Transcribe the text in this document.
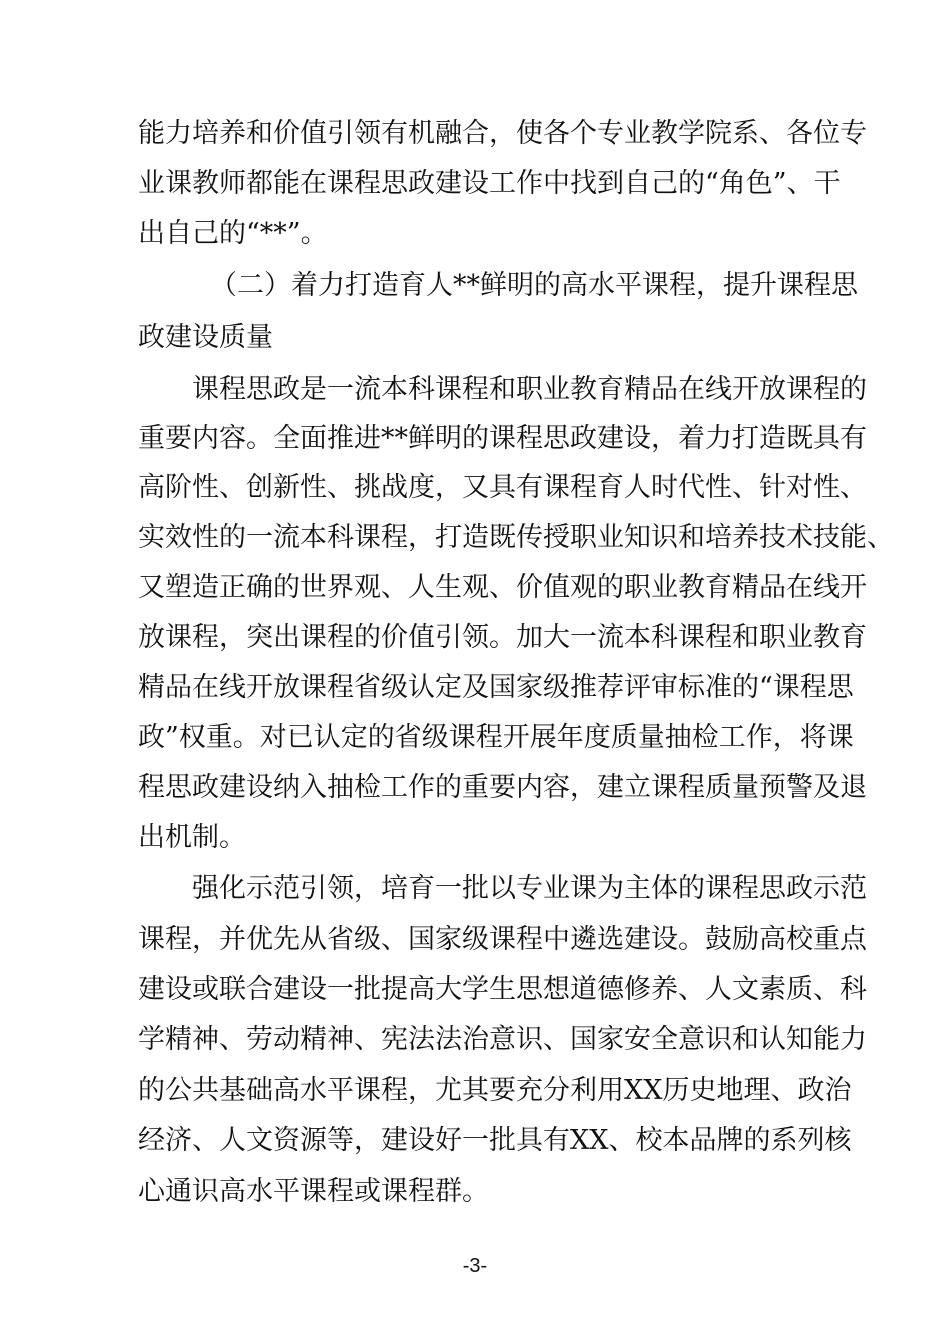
能力培养和价值引领有机融合，使各个专业教学院系、各位专
业课教师都能在课程思政建设工作中找到自己的“角色”、干
出自己的“**”。
（二）着力打造育人**鲜明的高水平课程，提升课程思
政建设质量
课程思政是一流本科课程和职业教育精品在线开放课程的
重要内容。全面推进**鲜明的课程思政建设，着力打造既具有
高阶性、创新性、挑战度，又具有课程育人时代性、针对性、
实效性的一流本科课程，打造既传授职业知识和培养技术技能、
又塑造正确的世界观、人生观、价值观的职业教育精品在线开
放课程，突出课程的价值引领。加大一流本科课程和职业教育
精品在线开放课程省级认定及国家级推荐评审标准的“课程思
政”权重。对已认定的省级课程开展年度质量抽检工作，将课
程思政建设纳入抽检工作的重要内容，建立课程质量预警及退
出机制。
强化示范引领，培育一批以专业课为主体的课程思政示范
课程，并优先从省级、国家级课程中遴选建设。鼓励高校重点
建设或联合建设一批提高大学生思想道德修养、人文素质、科
学精神、劳动精神、宪法法治意识、国家安全意识和认知能力
的公共基础高水平课程，尤其要充分利用XX历史地理、政治
经济、人文资源等，建设好一批具有XX、校本品牌的系列核
心通识高水平课程或课程群。
-3-
